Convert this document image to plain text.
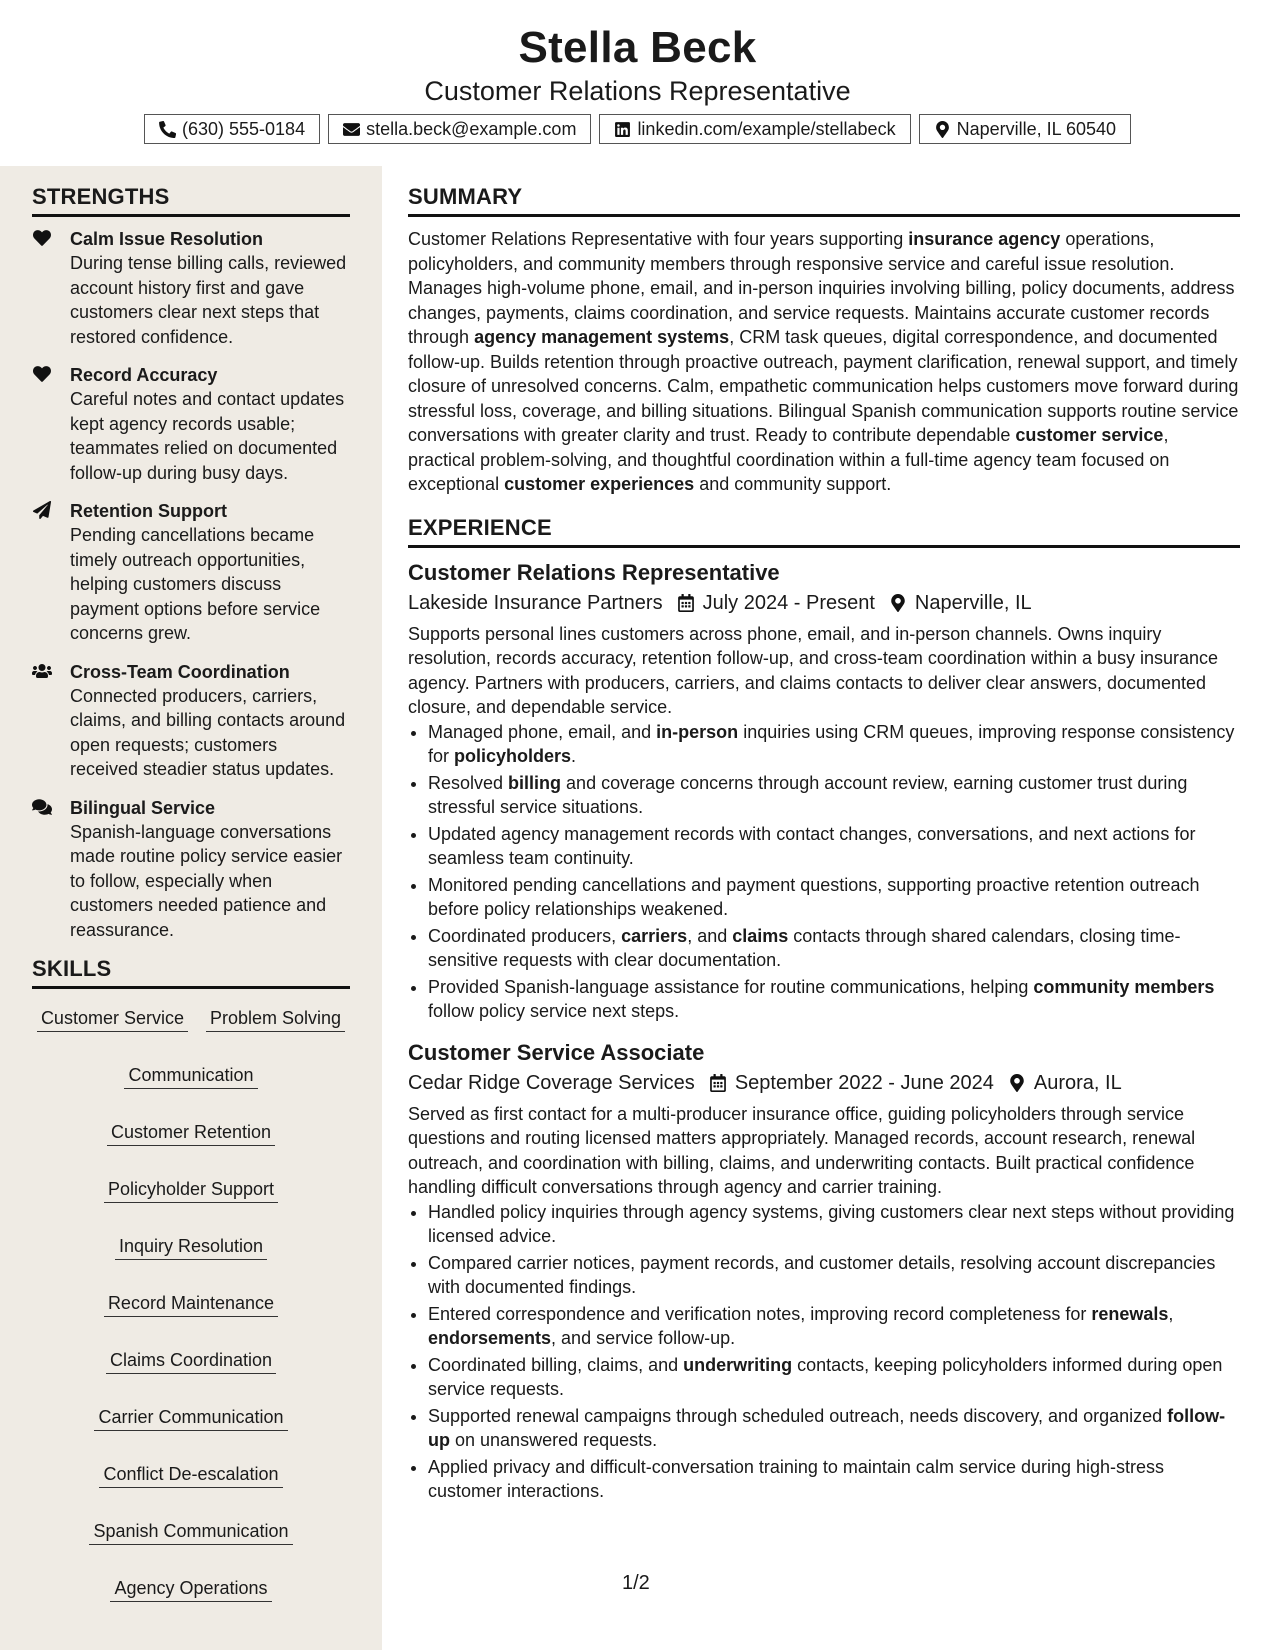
Stella Beck
Customer Relations Representative
(630) 555-0184	stella.beck@example.com	linkedin.com/example/stellabeck	Naperville, IL 60540
STRENGTHS
Calm Issue Resolution
During tense billing calls, reviewed account history first and gave customers clear next steps that restored confidence.
Record Accuracy
Careful notes and contact updates kept agency records usable; teammates relied on documented follow-up during busy days.
Retention Support
Pending cancellations became timely outreach opportunities, helping customers discuss payment options before service concerns grew.
Cross-Team Coordination
Connected producers, carriers, claims, and billing contacts around open requests; customers received steadier status updates.
Bilingual Service
Spanish-language conversations made routine policy service easier to follow, especially when customers needed patience and reassurance.
SKILLS
Customer Service Problem Solving
Communication
Customer Retention
Policyholder Support
Inquiry Resolution
Record Maintenance
Claims Coordination
Carrier Communication
Conflict De-escalation
Spanish Communication
Agency Operations
SUMMARY
Customer Relations Representative with four years supporting insurance agency operations, policyholders, and community members through responsive service and careful issue resolution. Manages high-volume phone, email, and in-person inquiries involving billing, policy documents, address changes, payments, claims coordination, and service requests. Maintains accurate customer records through agency management systems, CRM task queues, digital correspondence, and documented follow-up. Builds retention through proactive outreach, payment clarification, renewal support, and timely closure of unresolved concerns. Calm, empathetic communication helps customers move forward during stressful loss, coverage, and billing situations. Bilingual Spanish communication supports routine service conversations with greater clarity and trust. Ready to contribute dependable customer service, practical problem-solving, and thoughtful coordination within a full-time agency team focused on exceptional customer experiences and community support.
EXPERIENCE
Customer Relations Representative
Lakeside Insurance Partners July 2024 - Present Naperville, IL
Supports personal lines customers across phone, email, and in-person channels. Owns inquiry resolution, records accuracy, retention follow-up, and cross-team coordination within a busy insurance agency. Partners with producers, carriers, and claims contacts to deliver clear answers, documented closure, and dependable service.
• Managed phone, email, and in-person inquiries using CRM queues, improving response consistency for policyholders.
• Resolved billing and coverage concerns through account review, earning customer trust during stressful service situations.
• Updated agency management records with contact changes, conversations, and next actions for seamless team continuity.
• Monitored pending cancellations and payment questions, supporting proactive retention outreach before policy relationships weakened.
• Coordinated producers, carriers, and claims contacts through shared calendars, closing time-sensitive requests with clear documentation.
• Provided Spanish-language assistance for routine communications, helping community members follow policy service next steps.
Customer Service Associate
Cedar Ridge Coverage Services September 2022 - June 2024 Aurora, IL
Served as first contact for a multi-producer insurance office, guiding policyholders through service questions and routing licensed matters appropriately. Managed records, account research, renewal outreach, and coordination with billing, claims, and underwriting contacts. Built practical confidence handling difficult conversations through agency and carrier training.
• Handled policy inquiries through agency systems, giving customers clear next steps without providing licensed advice.
• Compared carrier notices, payment records, and customer details, resolving account discrepancies with documented findings.
• Entered correspondence and verification notes, improving record completeness for renewals, endorsements, and service follow-up.
• Coordinated billing, claims, and underwriting contacts, keeping policyholders informed during open service requests.
• Supported renewal campaigns through scheduled outreach, needs discovery, and organized follow-up on unanswered requests.
• Applied privacy and difficult-conversation training to maintain calm service during high-stress customer interactions.
1/2
